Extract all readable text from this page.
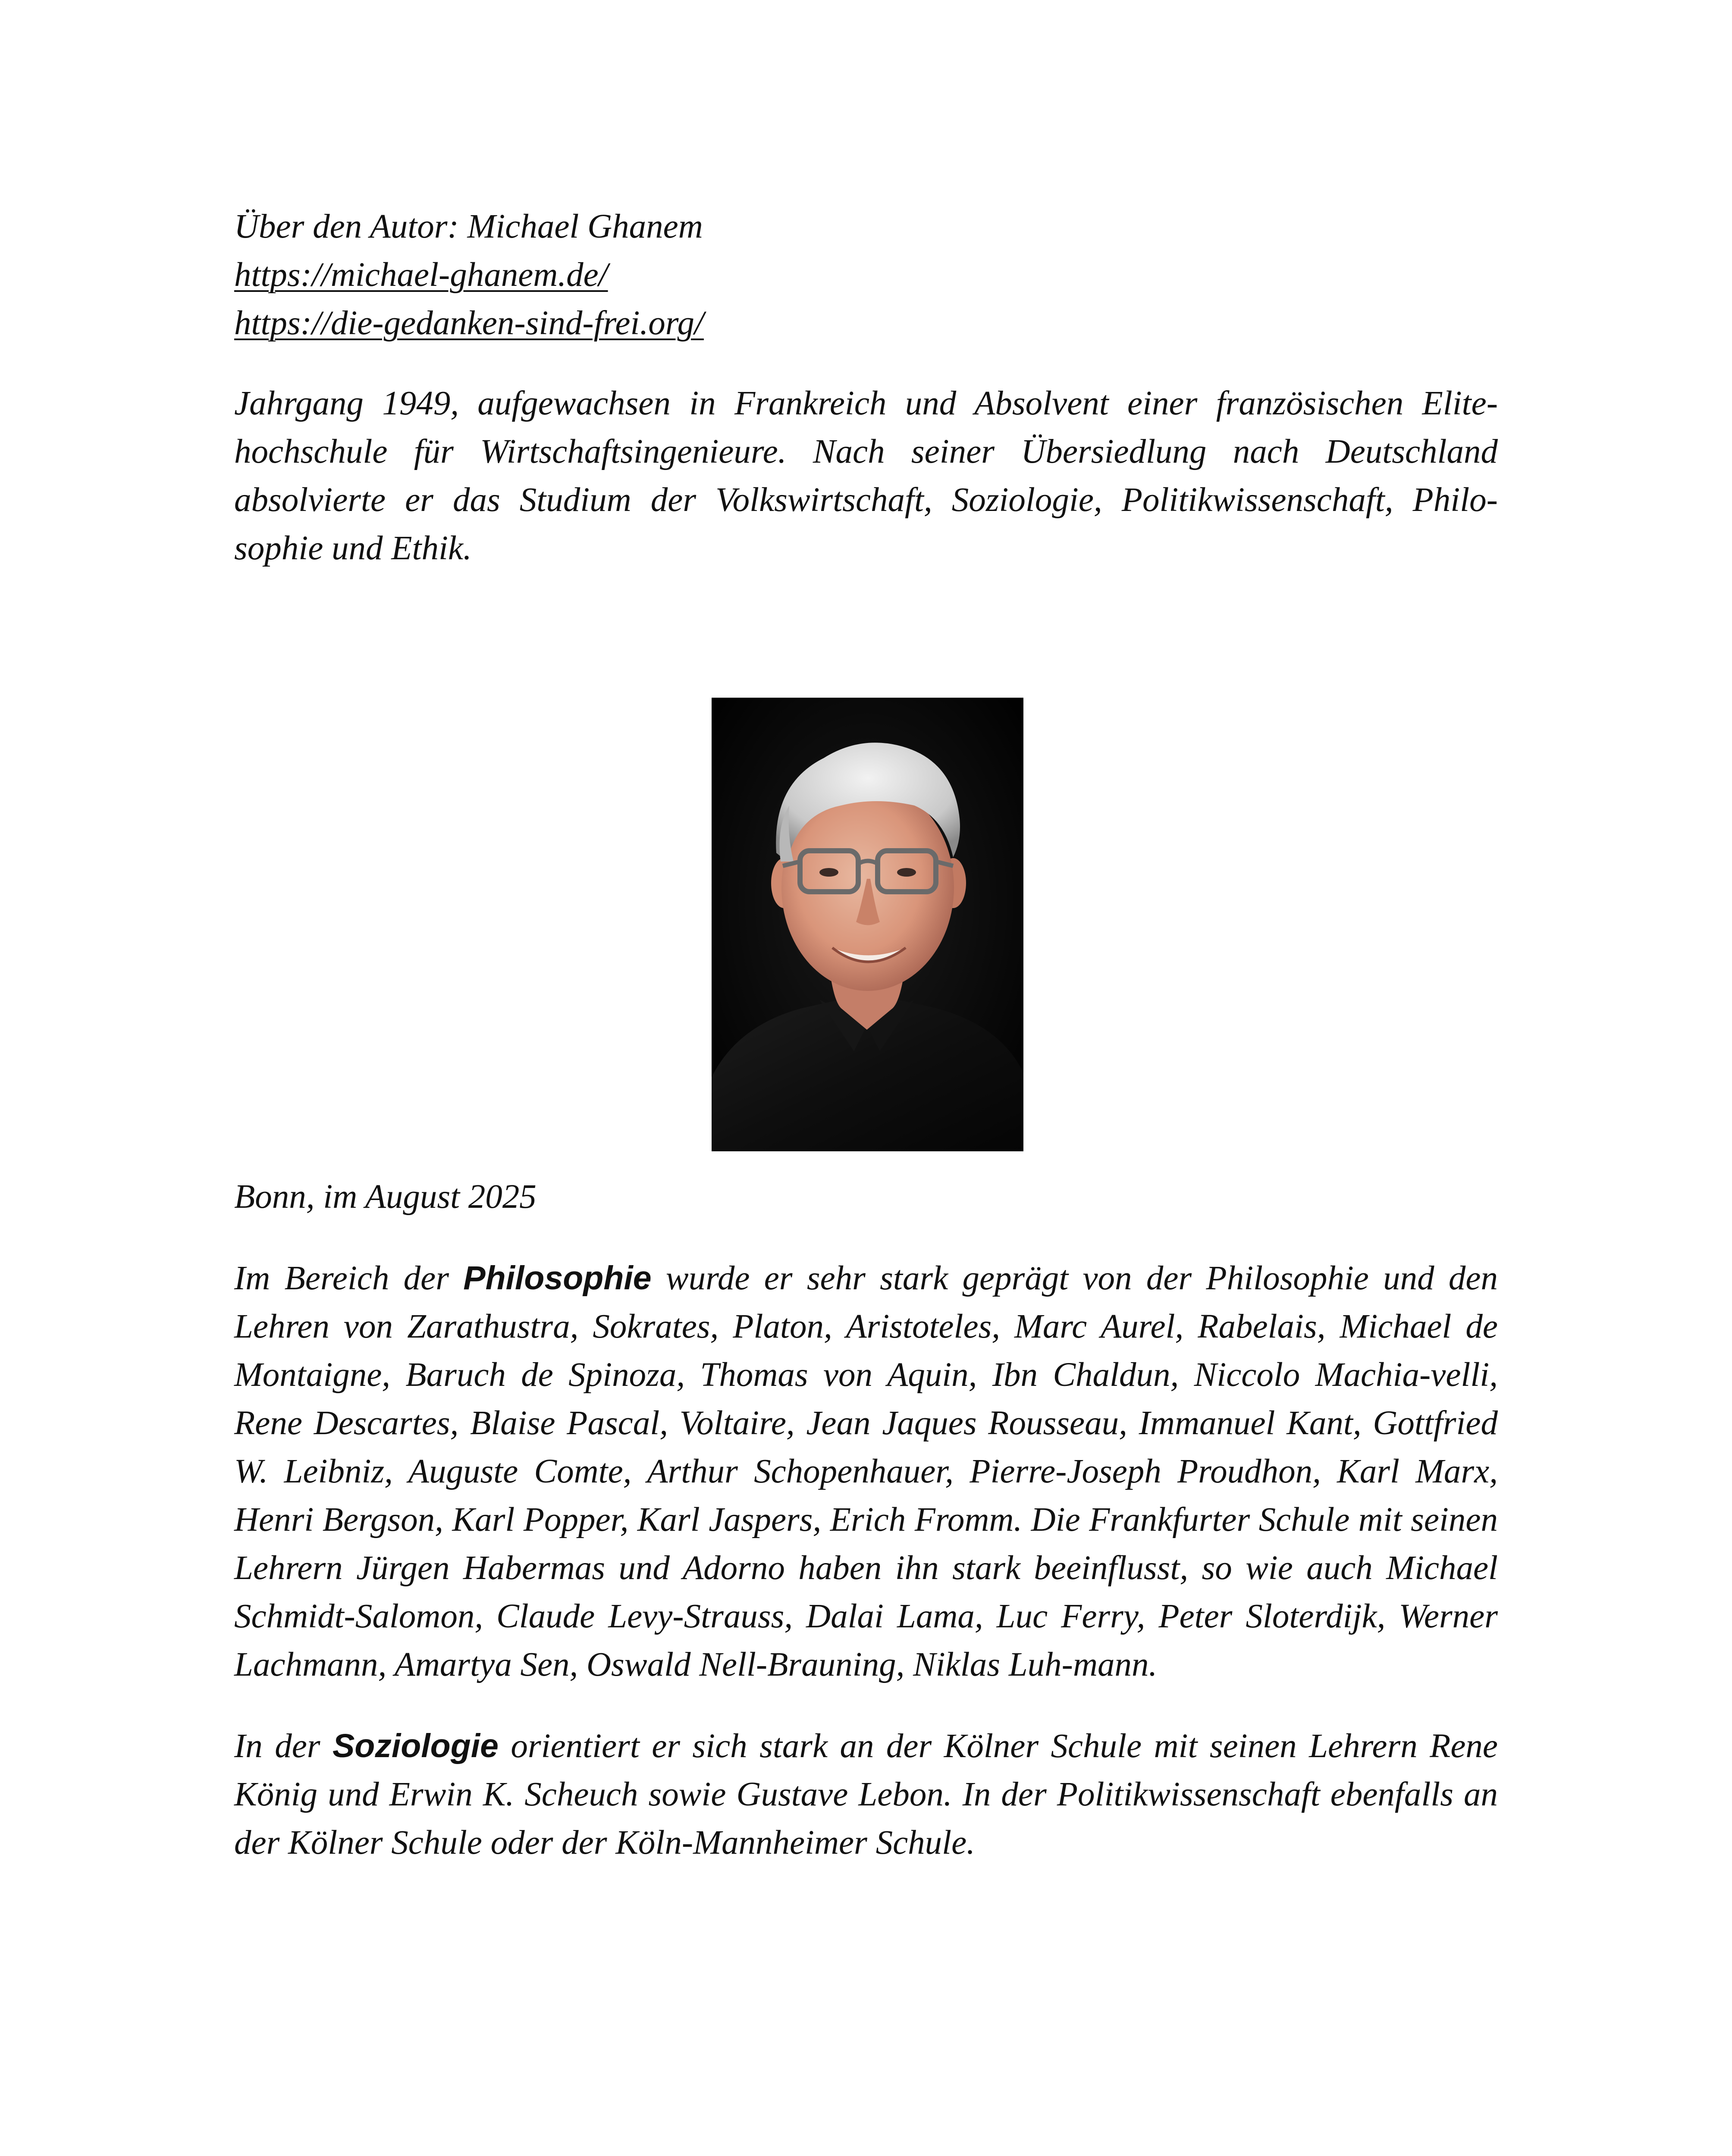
Über den Autor: Michael Ghanem
https://michael-ghanem.de/
https://die-gedanken-sind-frei.org/

Jahrgang 1949, aufgewachsen in Frankreich und Absolvent einer französischen Elite-hochschule für Wirtschaftsingenieure. Nach seiner Übersiedlung nach Deutschland absolvierte er das Studium der Volkswirtschaft, Soziologie, Politikwissenschaft, Philo-sophie und Ethik.

Bonn, im August 2025

Im Bereich der Philosophie wurde er sehr stark geprägt von der Philosophie und den Lehren von Zarathustra, Sokrates, Platon, Aristoteles, Marc Aurel, Rabelais, Michael de Montaigne, Baruch de Spinoza, Thomas von Aquin, Ibn Chaldun, Niccolo Machia-velli, Rene Descartes, Blaise Pascal, Voltaire, Jean Jaques Rousseau, Immanuel Kant, Gottfried W. Leibniz, Auguste Comte, Arthur Schopenhauer, Pierre-Joseph Proudhon, Karl Marx, Henri Bergson, Karl Popper, Karl Jaspers, Erich Fromm. Die Frankfurter Schule mit seinen Lehrern Jürgen Habermas und Adorno haben ihn stark beeinflusst, so wie auch Michael Schmidt-Salomon, Claude Levy-Strauss, Dalai Lama, Luc Ferry, Peter Sloterdijk, Werner Lachmann, Amartya Sen, Oswald Nell-Brauning, Niklas Luh-mann.

In der Soziologie orientiert er sich stark an der Kölner Schule mit seinen Lehrern Rene König und Erwin K. Scheuch sowie Gustave Lebon. In der Politikwissenschaft ebenfalls an der Kölner Schule oder der Köln-Mannheimer Schule.
